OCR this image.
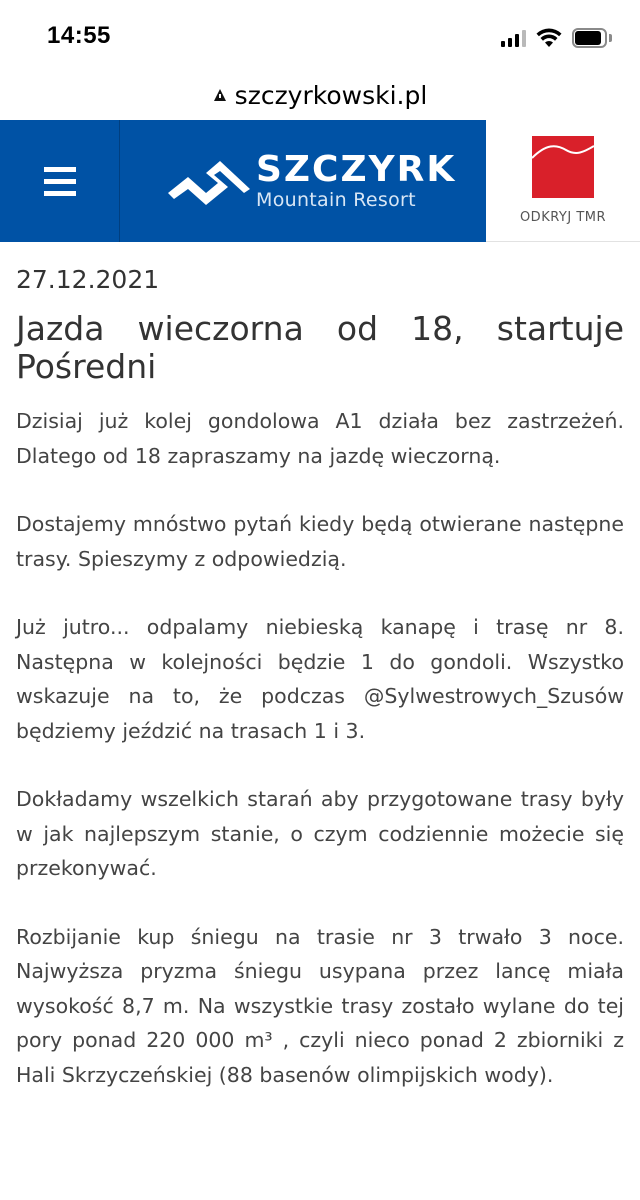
14:55
szczyrkowski.pl
SZCZYRK
Mountain Resort
ODKRYJ TMR
27.12.2021
Jazda wieczorna od 18, startuje Pośredni

Dzisiaj już kolej gondolowa A1 działa bez zastrzeżeń. Dlatego od 18 zapraszamy na jazdę wieczorną.

Dostajemy mnóstwo pytań kiedy będą otwierane następne trasy. Spieszymy z odpowiedzią.

Już jutro... odpalamy niebieską kanapę i trasę nr 8. Następna w kolejności będzie 1 do gondoli. Wszystko wskazuje na to, że podczas @Sylwestrowych_Szusów będziemy jeździć na trasach 1 i 3.

Dokładamy wszelkich starań aby przygotowane trasy były w jak najlepszym stanie, o czym codziennie możecie się przekonywać.

Rozbijanie kup śniegu na trasie nr 3 trwało 3 noce. Najwyższa pryzma śniegu usypana przez lancę miała wysokość 8,7 m. Na wszystkie trasy zostało wylane do tej pory ponad 220 000 m³ , czyli nieco ponad 2 zbiorniki z Hali Skrzyczeńskiej (88 basenów olimpijskich wody).
